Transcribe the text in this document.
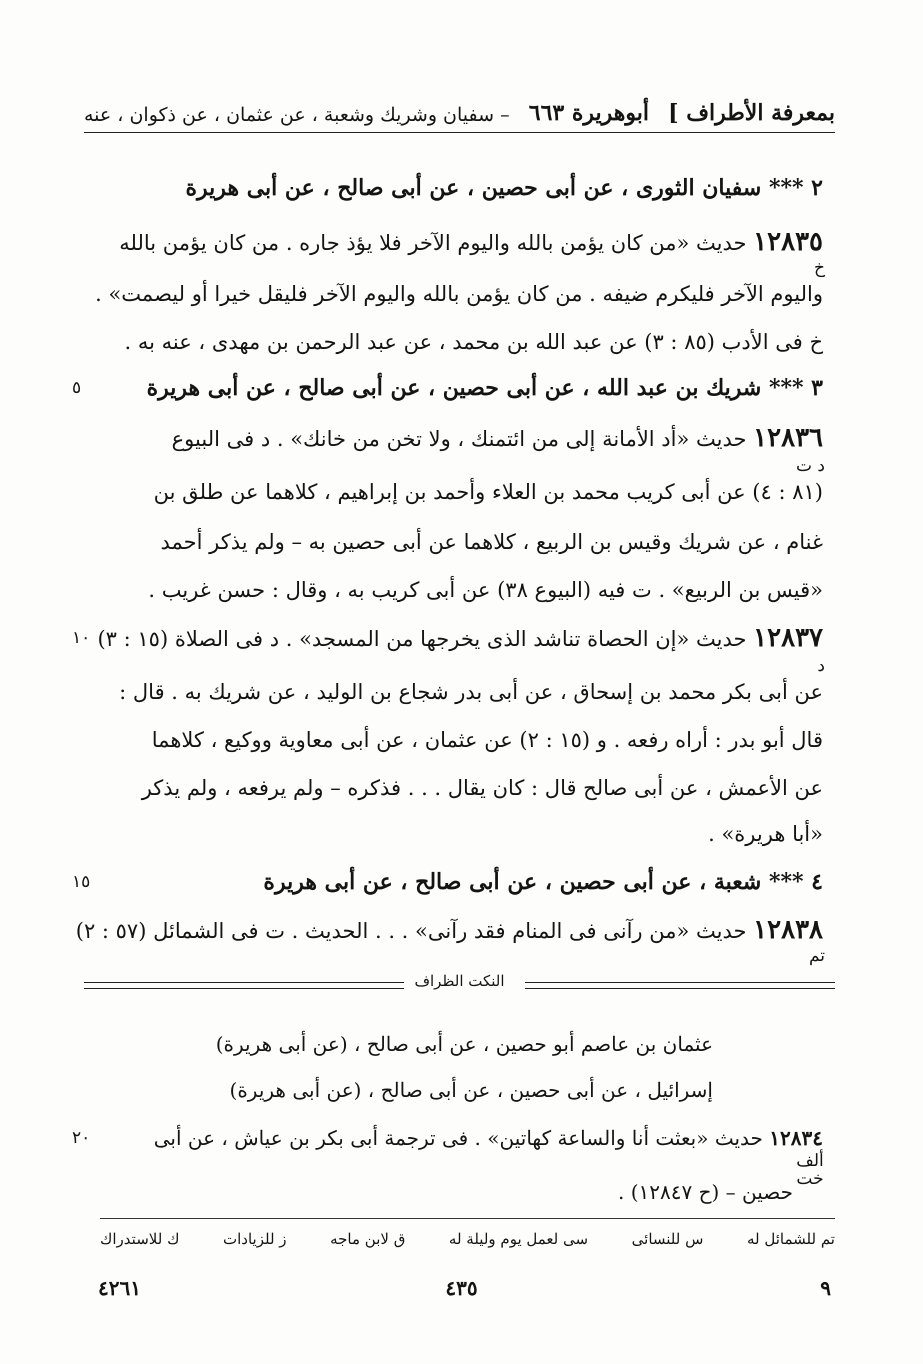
بمعرفة الأطراف ]
أبوهريرة ٦٦٣
– سفيان وشريك وشعبة ، عن عثمان ، عن ذكوان ، عنه
٢ *** سفيان الثورى ، عن أبى حصين ، عن أبى صالح ، عن أبى هريرة
١٢٨٣٥ حديث «من كان يؤمن بالله واليوم الآخر فلا يؤذ جاره . من كان يؤمن بالله
خ
واليوم الآخر فليكرم ضيفه . من كان يؤمن بالله واليوم الآخر فليقل خيرا أو ليصمت» .
خ فى الأدب (٨٥ : ٣) عن عبد الله بن محمد ، عن عبد الرحمن بن مهدى ، عنه به .
٣ *** شريك بن عبد الله ، عن أبى حصين ، عن أبى صالح ، عن أبى هريرة
٥
١٢٨٣٦ حديث «أد الأمانة إلى من ائتمنك ، ولا تخن من خانك» . د فى البيوع
د ت
(٨١ : ٤) عن أبى كريب محمد بن العلاء وأحمد بن إبراهيم ، كلاهما عن طلق بن
غنام ، عن شريك وقيس بن الربيع ، كلاهما عن أبى حصين به – ولم يذكر أحمد
«قيس بن الربيع» . ت فيه (البيوع ٣٨) عن أبى كريب به ، وقال : حسن غريب .
١٢٨٣٧ حديث «إن الحصاة تناشد الذى يخرجها من المسجد» . د فى الصلاة (١٥ : ٣)
١٠
د
عن أبى بكر محمد بن إسحاق ، عن أبى بدر شجاع بن الوليد ، عن شريك به . قال :
قال أبو بدر : أراه رفعه . و (١٥ : ٢) عن عثمان ، عن أبى معاوية ووكيع ، كلاهما
عن الأعمش ، عن أبى صالح قال : كان يقال . . . فذكره – ولم يرفعه ، ولم يذكر
«أبا هريرة» .
٤ *** شعبة ، عن أبى حصين ، عن أبى صالح ، عن أبى هريرة
١٥
١٢٨٣٨ حديث «من رآنى فى المنام فقد رآنى» . . . الحديث . ت فى الشمائل (٥٧ : ٢)
تم
النكت الظراف
عثمان بن عاصم أبو حصين ، عن أبى صالح ، (عن أبى هريرة)
إسرائيل ، عن أبى حصين ، عن أبى صالح ، (عن أبى هريرة)
١٢٨٣٤ حديث «بعثت أنا والساعة كهاتين» . فى ترجمة أبى بكر بن عياش ، عن أبى
٢٠
ألف خت
حصين – (ح ١٢٨٤٧) .
تم للشمائل له
س للنسائى
سى لعمل يوم وليلة له
ق لابن ماجه
ز للزيادات
ك للاستدراك
٩
٤٣٥
٤٢٦١
